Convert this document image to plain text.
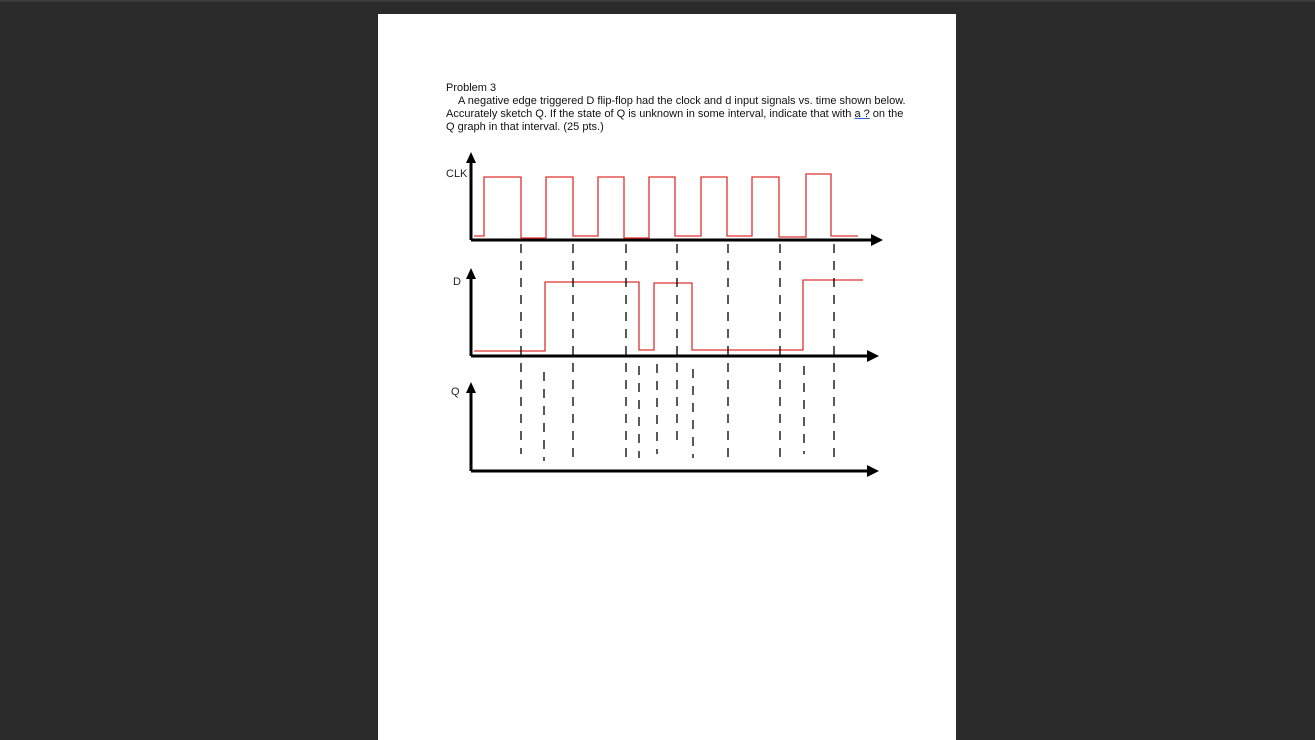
Problem 3

A negative edge triggered D flip-flop had the clock and d input signals vs. time shown below. Accurately sketch Q. If the state of Q is unknown in some interval, indicate that with a ? on the Q graph in that interval. (25 pts.)

CLK
D
Q
